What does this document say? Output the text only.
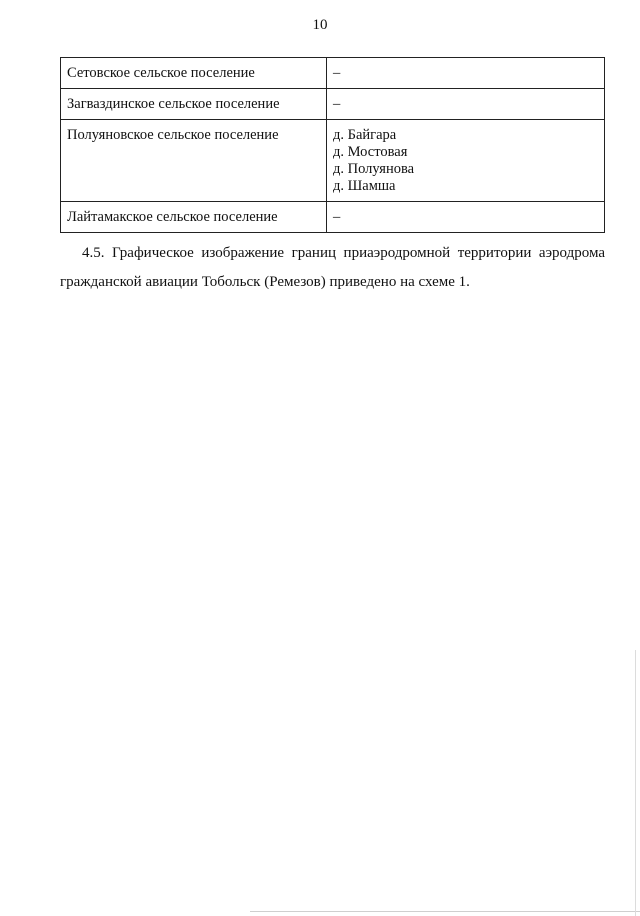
10
Сетовское сельское поселение	–
Загваздинское сельское поселение	–
Полуяновское сельское поселение	д. Байгара
д. Мостовая
д. Полуянова
д. Шамша

Лайтамакское сельское поселение	–

4.5. Графическое изображение границ приаэродромной территории аэродрома гражданской авиации Тобольск (Ремезов) приведено на схеме 1.
